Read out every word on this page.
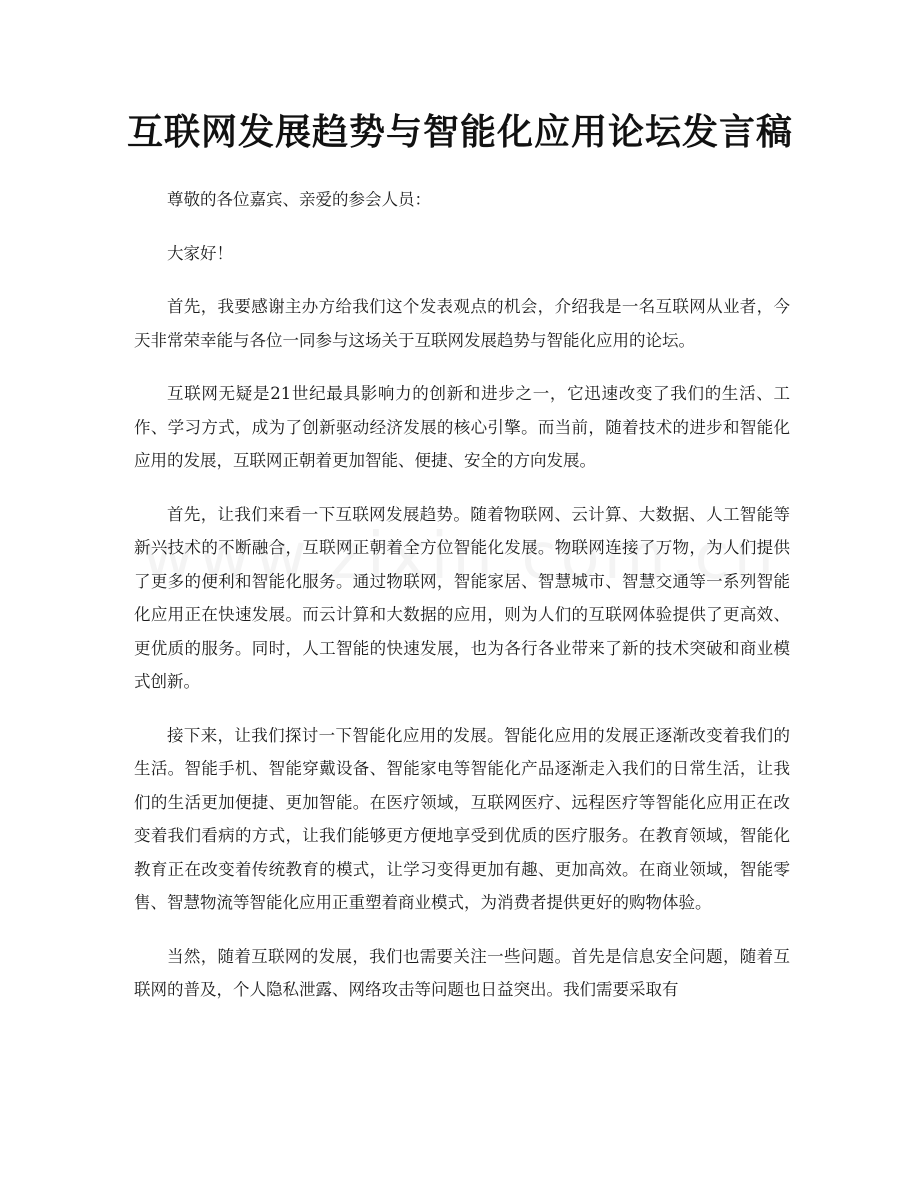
互联网发展趋势与智能化应用论坛发言稿

尊敬的各位嘉宾、亲爱的参会人员：

大家好！

首先，我要感谢主办方给我们这个发表观点的机会，介绍我是一名互联网从业者，今天非常荣幸能与各位一同参与这场关于互联网发展趋势与智能化应用的论坛。

互联网无疑是21世纪最具影响力的创新和进步之一，它迅速改变了我们的生活、工作、学习方式，成为了创新驱动经济发展的核心引擎。而当前，随着技术的进步和智能化应用的发展，互联网正朝着更加智能、便捷、安全的方向发展。

首先，让我们来看一下互联网发展趋势。随着物联网、云计算、大数据、人工智能等新兴技术的不断融合，互联网正朝着全方位智能化发展。物联网连接了万物，为人们提供了更多的便利和智能化服务。通过物联网，智能家居、智慧城市、智慧交通等一系列智能化应用正在快速发展。而云计算和大数据的应用，则为人们的互联网体验提供了更高效、更优质的服务。同时，人工智能的快速发展，也为各行各业带来了新的技术突破和商业模式创新。

接下来，让我们探讨一下智能化应用的发展。智能化应用的发展正逐渐改变着我们的生活。智能手机、智能穿戴设备、智能家电等智能化产品逐渐走入我们的日常生活，让我们的生活更加便捷、更加智能。在医疗领域，互联网医疗、远程医疗等智能化应用正在改变着我们看病的方式，让我们能够更方便地享受到优质的医疗服务。在教育领域，智能化教育正在改变着传统教育的模式，让学习变得更加有趣、更加高效。在商业领域，智能零售、智慧物流等智能化应用正重塑着商业模式，为消费者提供更好的购物体验。

当然，随着互联网的发展，我们也需要关注一些问题。首先是信息安全问题，随着互联网的普及，个人隐私泄露、网络攻击等问题也日益突出。我们需要采取有
